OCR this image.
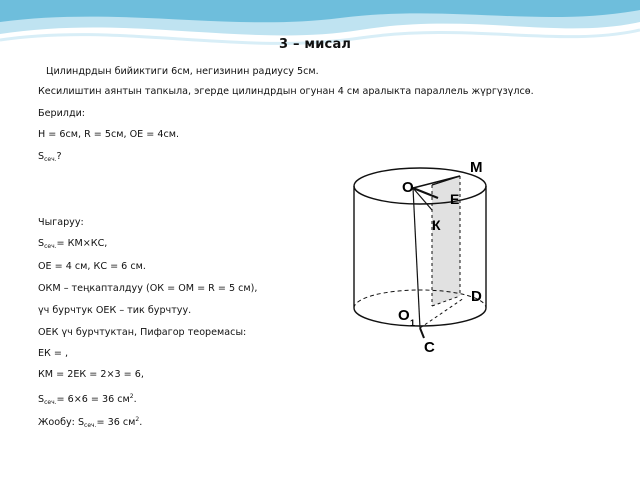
3 – мисал
Цилиндрдын бийиктиги 6см, негизинин радиусу 5см.
Кесилиштин аянтын тапкыла, эгерде цилиндрдын огунан 4 см аралыкта параллель жүргүзүлсө.
Берилди:
Н = 6см, R = 5см, ОЕ = 4см.
$S_{сеч.}$?
Чыгаруу:
$S_{сеч.}= КМ\times КС$,
ОЕ = 4 см, КС = 6 см.
ОКМ – теңкапталдуу (ОК = ОМ = R = 5 см),
үч бурчтук ОЕК – тик бурчтуу.
ОЕК үч бурчтуктан, Пифагор теоремасы:
ЕК = ,
КМ = 2ЕК = 2×3 = 6,
$S_{сеч.}= 6\times 6 = 36$ $см^2$.
Жообу: $S_{сеч.}= 36$ $см^2$.
О
М
Е
К
D
О 1
С
